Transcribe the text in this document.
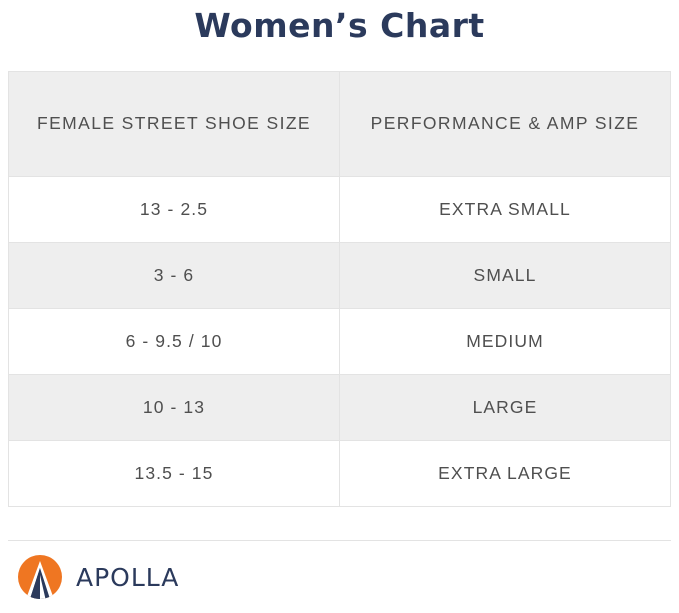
Women’s Chart
FEMALE STREET SHOE SIZE	PERFORMANCE & AMP SIZE
13 - 2.5	EXTRA SMALL
3 - 6	SMALL
6 - 9.5 / 10	MEDIUM
10 - 13	LARGE
13.5 - 15	EXTRA LARGE
APOLLA
